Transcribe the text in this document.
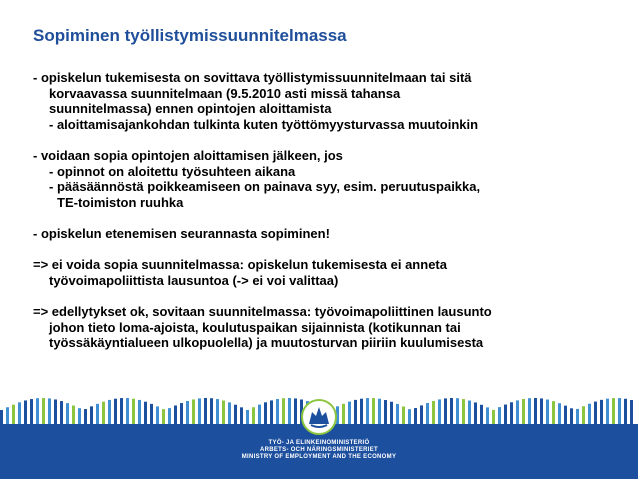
Sopiminen työllistymissuunnitelmassa

- opiskelun tukemisesta on sovittava työllistymissuunnitelmaan tai sitä
korvaavassa suunnitelmaan (9.5.2010 asti missä tahansa
suunnitelmassa) ennen opintojen aloittamista
- aloittamisajankohdan tulkinta kuten työttömyysturvassa muutoinkin

- voidaan sopia opintojen aloittamisen jälkeen, jos
- opinnot on aloitettu työsuhteen aikana
- pääsäännöstä poikkeamiseen on painava syy, esim. peruutuspaikka,
TE-toimiston ruuhka

- opiskelun etenemisen seurannasta sopiminen!

=> ei voida sopia suunnitelmassa: opiskelun tukemisesta ei anneta
työvoimapoliittista lausuntoa (-> ei voi valittaa)

=> edellytykset ok, sovitaan suunnitelmassa: työvoimapoliittinen lausunto
johon tieto loma-ajoista, koulutuspaikan sijainnista (kotikunnan tai
työssäkäyntialueen ulkopuolella) ja muutosturvan piiriin kuulumisesta

TYÖ- JA ELINKEINOMINISTERIÖ
ARBETS- OCH NÄRINGSMINISTERIET
MINISTRY OF EMPLOYMENT AND THE ECONOMY
